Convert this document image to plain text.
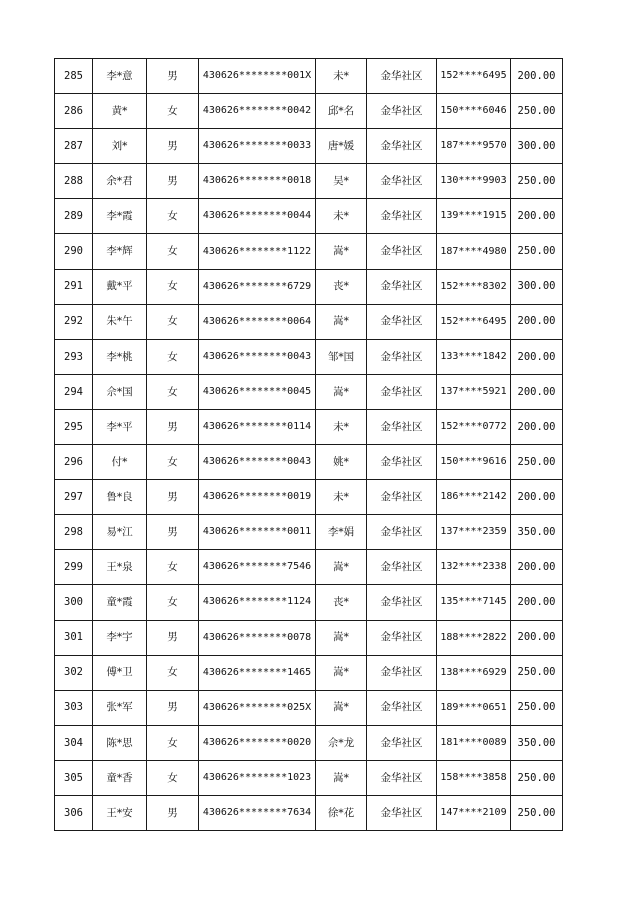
285	李*意	男	430626********001X	未*	金华社区	152****6495	200.00
286	黄*	女	430626********0042	邱*名	金华社区	150****6046	250.00
287	刘*	男	430626********0033	唐*媛	金华社区	187****9570	300.00
288	余*君	男	430626********0018	吴*	金华社区	130****9903	250.00
289	李*霞	女	430626********0044	未*	金华社区	139****1915	200.00
290	李*辉	女	430626********1122	嵩*	金华社区	187****4980	250.00
291	戴*平	女	430626********6729	丧*	金华社区	152****8302	300.00
292	朱*午	女	430626********0064	嵩*	金华社区	152****6495	200.00
293	李*桃	女	430626********0043	邹*国	金华社区	133****1842	200.00
294	佘*国	女	430626********0045	嵩*	金华社区	137****5921	200.00
295	李*平	男	430626********0114	未*	金华社区	152****0772	200.00
296	付*	女	430626********0043	姚*	金华社区	150****9616	250.00
297	鲁*良	男	430626********0019	未*	金华社区	186****2142	200.00
298	易*江	男	430626********0011	李*娟	金华社区	137****2359	350.00
299	王*泉	女	430626********7546	嵩*	金华社区	132****2338	200.00
300	童*霞	女	430626********1124	丧*	金华社区	135****7145	200.00
301	李*宇	男	430626********0078	嵩*	金华社区	188****2822	200.00
302	傅*卫	女	430626********1465	嵩*	金华社区	138****6929	250.00
303	张*军	男	430626********025X	嵩*	金华社区	189****0651	250.00
304	陈*思	女	430626********0020	佘*龙	金华社区	181****0089	350.00
305	童*香	女	430626********1023	嵩*	金华社区	158****3858	250.00
306	王*安	男	430626********7634	徐*花	金华社区	147****2109	250.00
